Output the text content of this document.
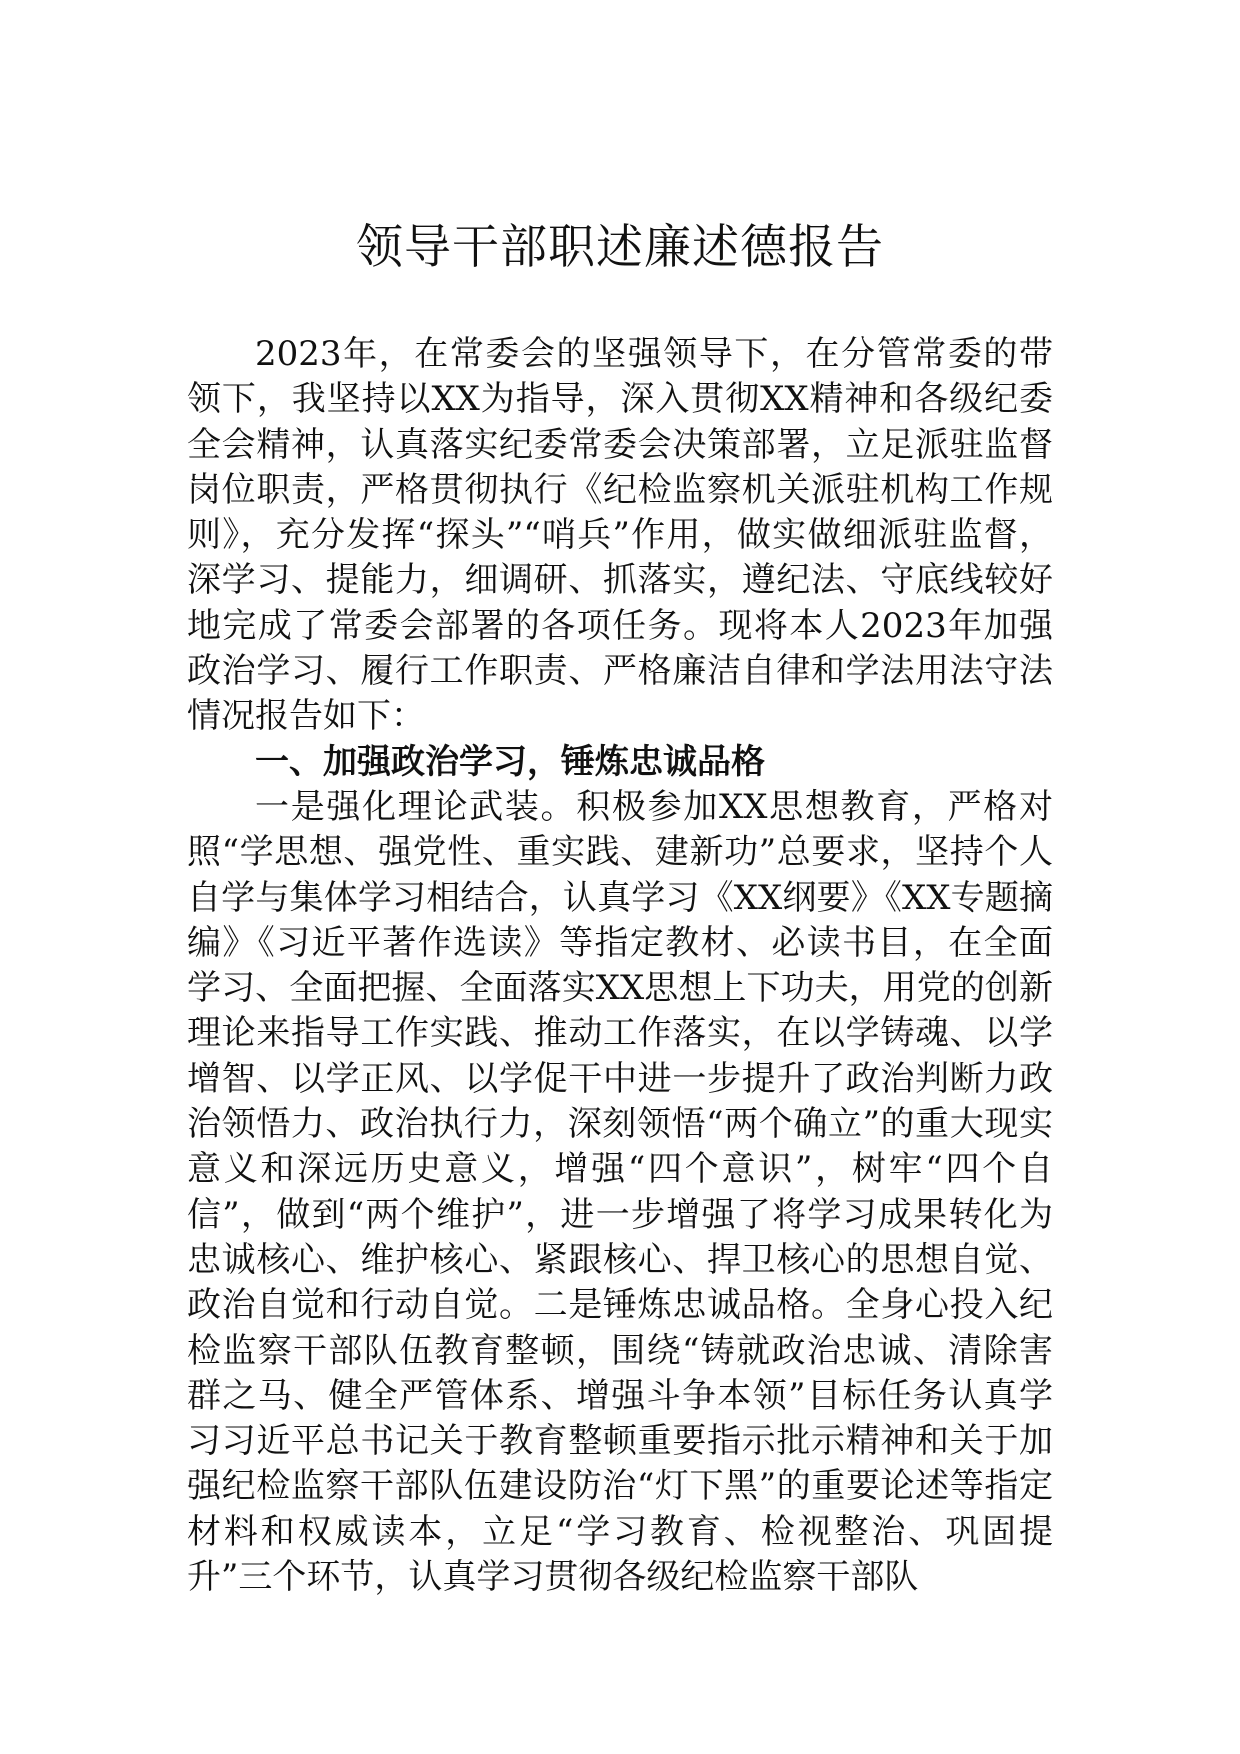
领导干部职述廉述德报告

2023年，在常委会的坚强领导下，在分管常委的带领下，我坚持以XX为指导，深入贯彻XX精神和各级纪委全会精神，认真落实纪委常委会决策部署，立足派驻监督岗位职责，严格贯彻执行《纪检监察机关派驻机构工作规则》，充分发挥“探头”“哨兵”作用，做实做细派驻监督，深学习、提能力，细调研、抓落实，遵纪法、守底线较好地完成了常委会部署的各项任务。现将本人2023年加强政治学习、履行工作职责、严格廉洁自律和学法用法守法情况报告如下：

一、加强政治学习，锤炼忠诚品格

一是强化理论武装。积极参加XX思想教育，严格对照“学思想、强党性、重实践、建新功”总要求，坚持个人自学与集体学习相结合，认真学习《XX纲要》《XX专题摘编》《习近平著作选读》等指定教材、必读书目，在全面学习、全面把握、全面落实XX思想上下功夫，用党的创新理论来指导工作实践、推动工作落实，在以学铸魂、以学增智、以学正风、以学促干中进一步提升了政治判断力政治领悟力、政治执行力，深刻领悟“两个确立”的重大现实意义和深远历史意义，增强“四个意识”，树牢“四个自信”，做到“两个维护”，进一步增强了将学习成果转化为忠诚核心、维护核心、紧跟核心、捍卫核心的思想自觉、政治自觉和行动自觉。二是锤炼忠诚品格。全身心投入纪检监察干部队伍教育整顿，围绕“铸就政治忠诚、清除害群之马、健全严管体系、增强斗争本领”目标任务认真学习习近平总书记关于教育整顿重要指示批示精神和关于加强纪检监察干部队伍建设防治“灯下黑”的重要论述等指定材料和权威读本，立足“学习教育、检视整治、巩固提升”三个环节，认真学习贯彻各级纪检监察干部队
